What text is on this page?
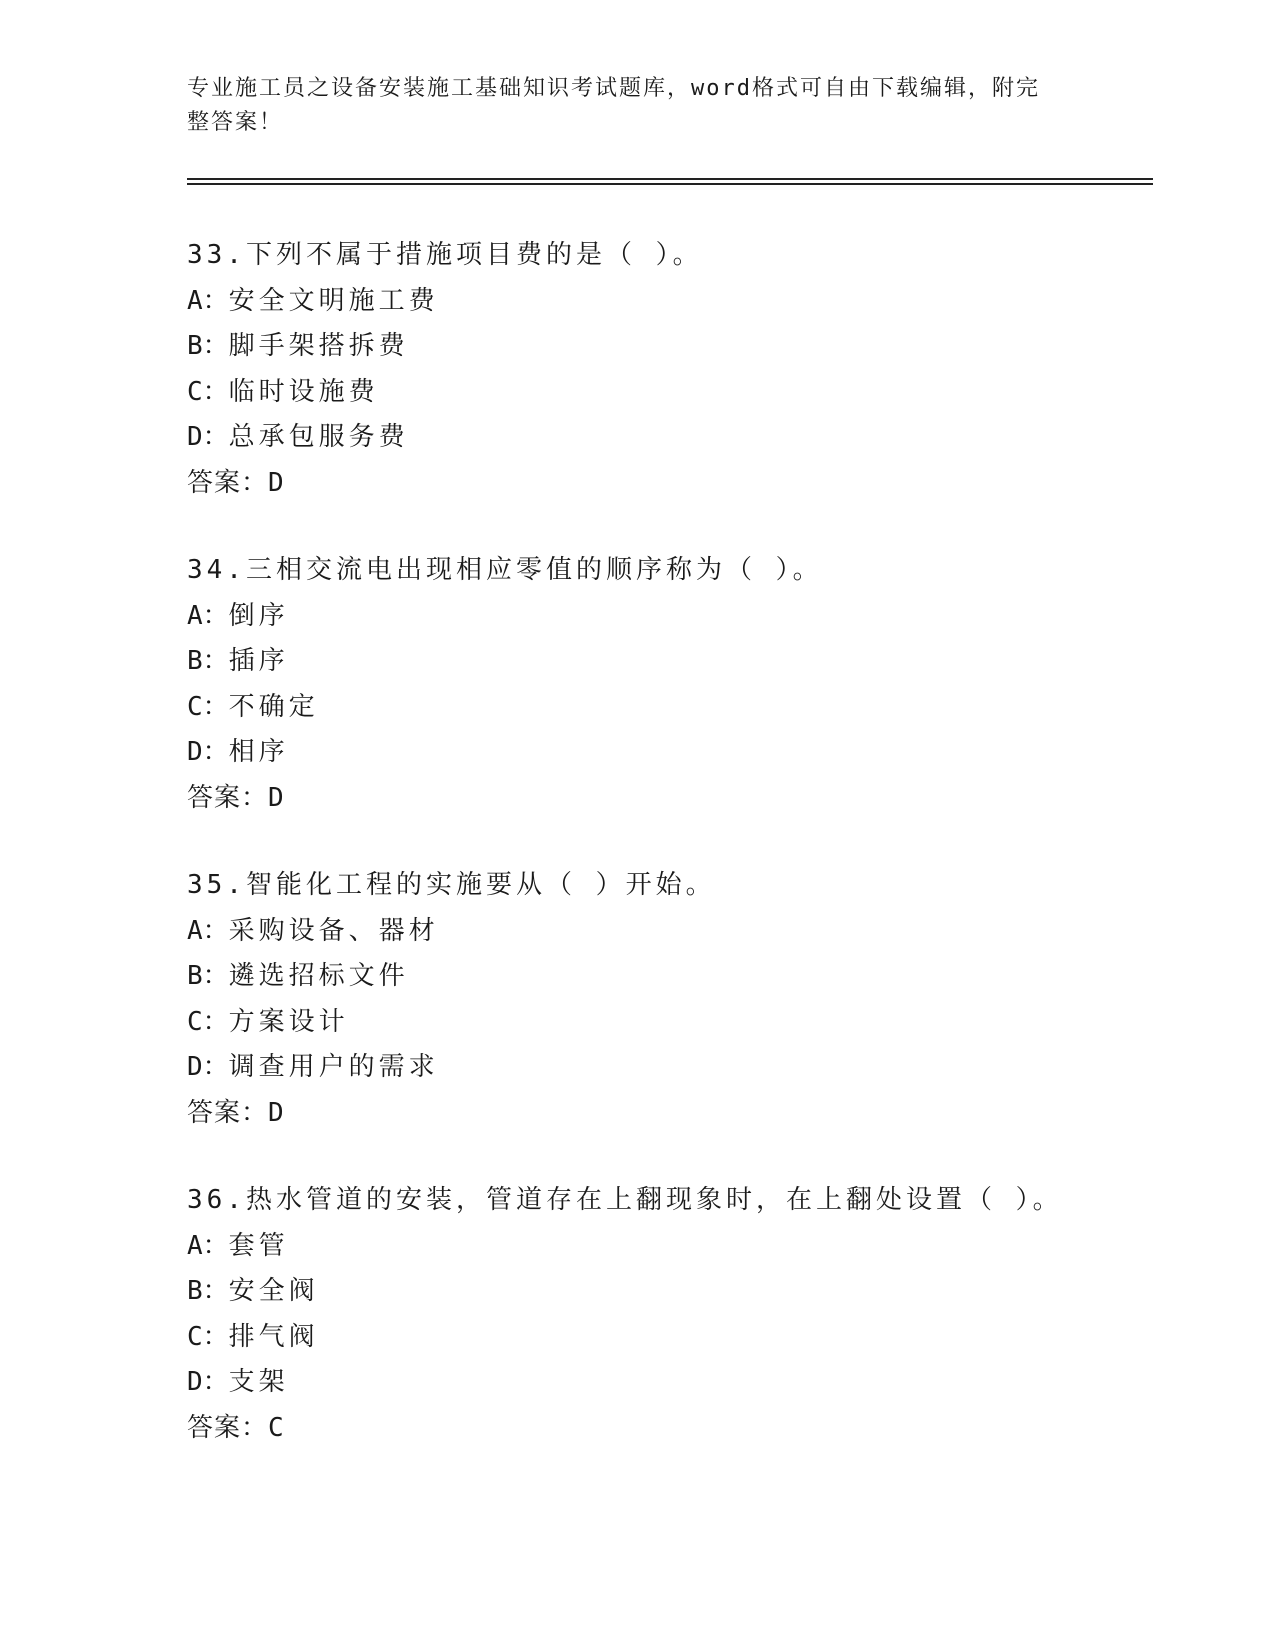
专业施工员之设备安装施工基础知识考试题库，word格式可自由下载编辑，附完
整答案！
33.下列不属于措施项目费的是（ ）。
A：安全文明施工费
B：脚手架搭拆费
C：临时设施费
D：总承包服务费
答案：D
34.三相交流电出现相应零值的顺序称为（ ）。
A：倒序
B：插序
C：不确定
D：相序
答案：D
35.智能化工程的实施要从（ ）开始。
A：采购设备、器材
B：遴选招标文件
C：方案设计
D：调查用户的需求
答案：D
36.热水管道的安装，管道存在上翻现象时，在上翻处设置（ ）。
A：套管
B：安全阀
C：排气阀
D：支架
答案：C
